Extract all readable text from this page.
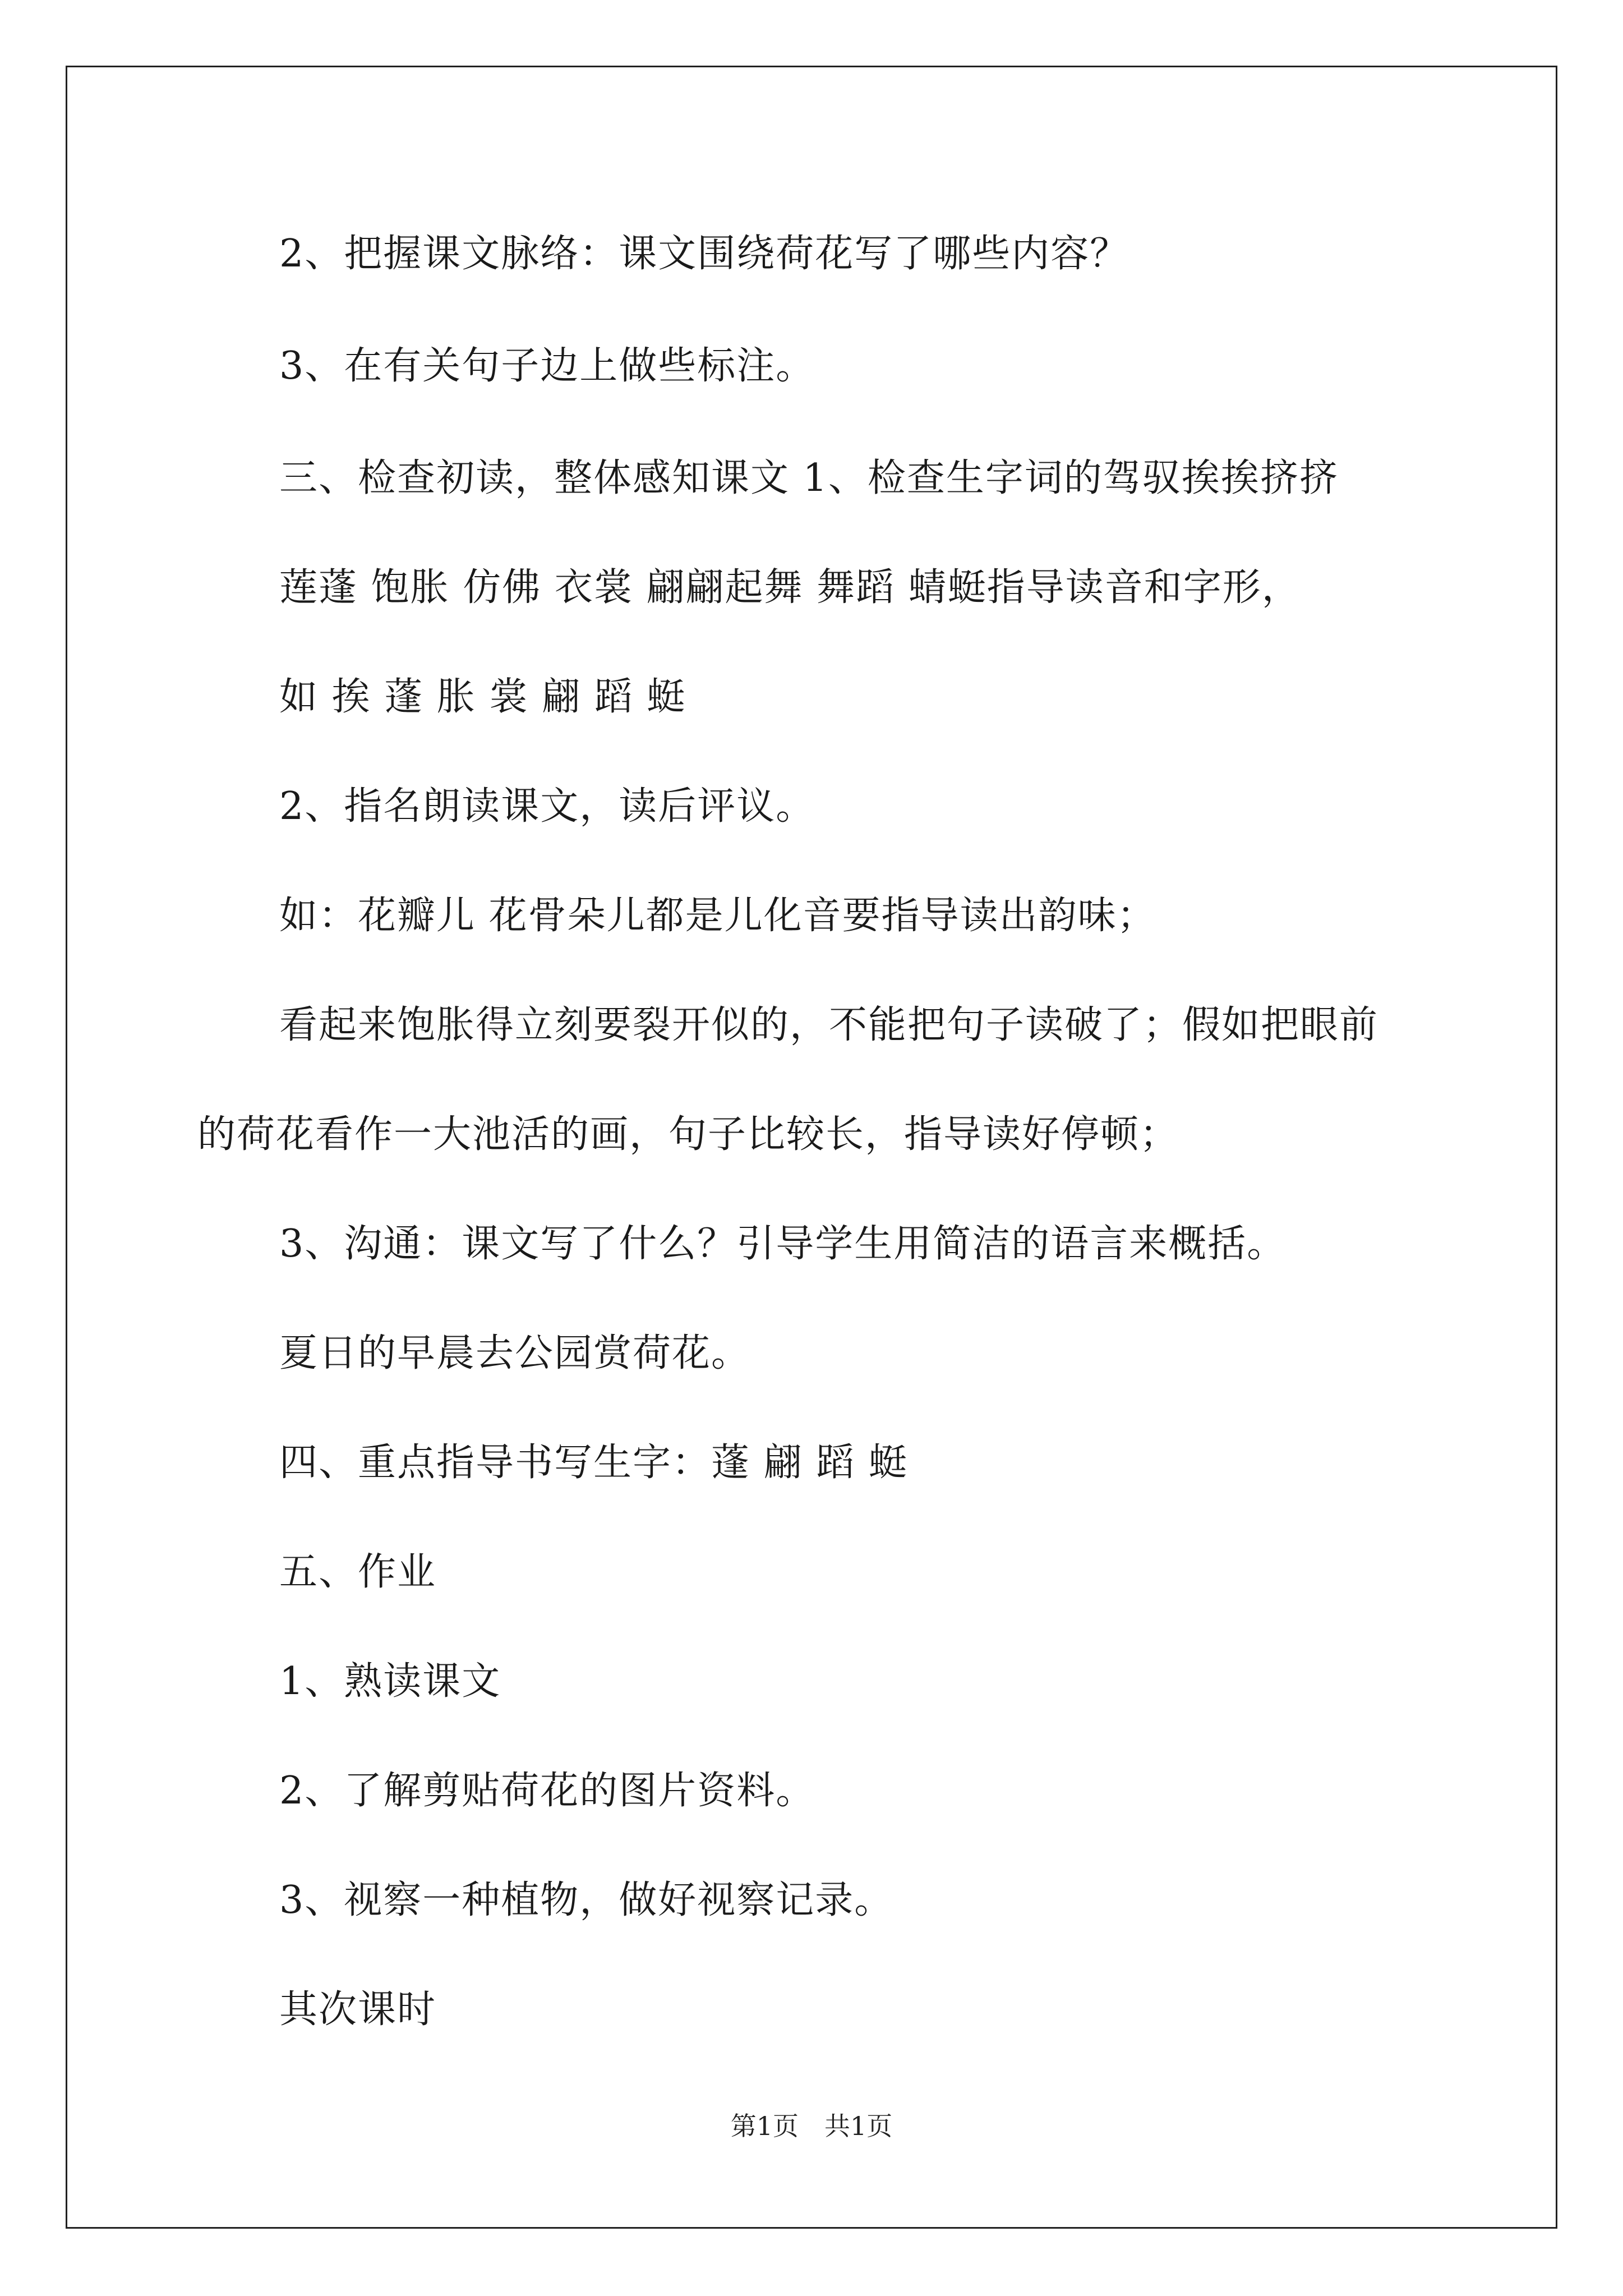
2、把握课文脉络：课文围绕荷花写了哪些内容？
3、在有关句子边上做些标注。
三、检查初读，整体感知课文 1、检查生字词的驾驭挨挨挤挤
莲蓬 饱胀 仿佛 衣裳 翩翩起舞 舞蹈 蜻蜓指导读音和字形，
如 挨 蓬 胀 裳 翩 蹈 蜓
2、指名朗读课文，读后评议。
如：花瓣儿 花骨朵儿都是儿化音要指导读出韵味；
看起来饱胀得立刻要裂开似的，不能把句子读破了；假如把眼前
的荷花看作一大池活的画，句子比较长，指导读好停顿；
3、沟通：课文写了什么？引导学生用简洁的语言来概括。
夏日的早晨去公园赏荷花。
四、重点指导书写生字：蓬 翩 蹈 蜓
五、作业
1、熟读课文
2、了解剪贴荷花的图片资料。
3、视察一种植物，做好视察记录。
其次课时
第1页　共1页
